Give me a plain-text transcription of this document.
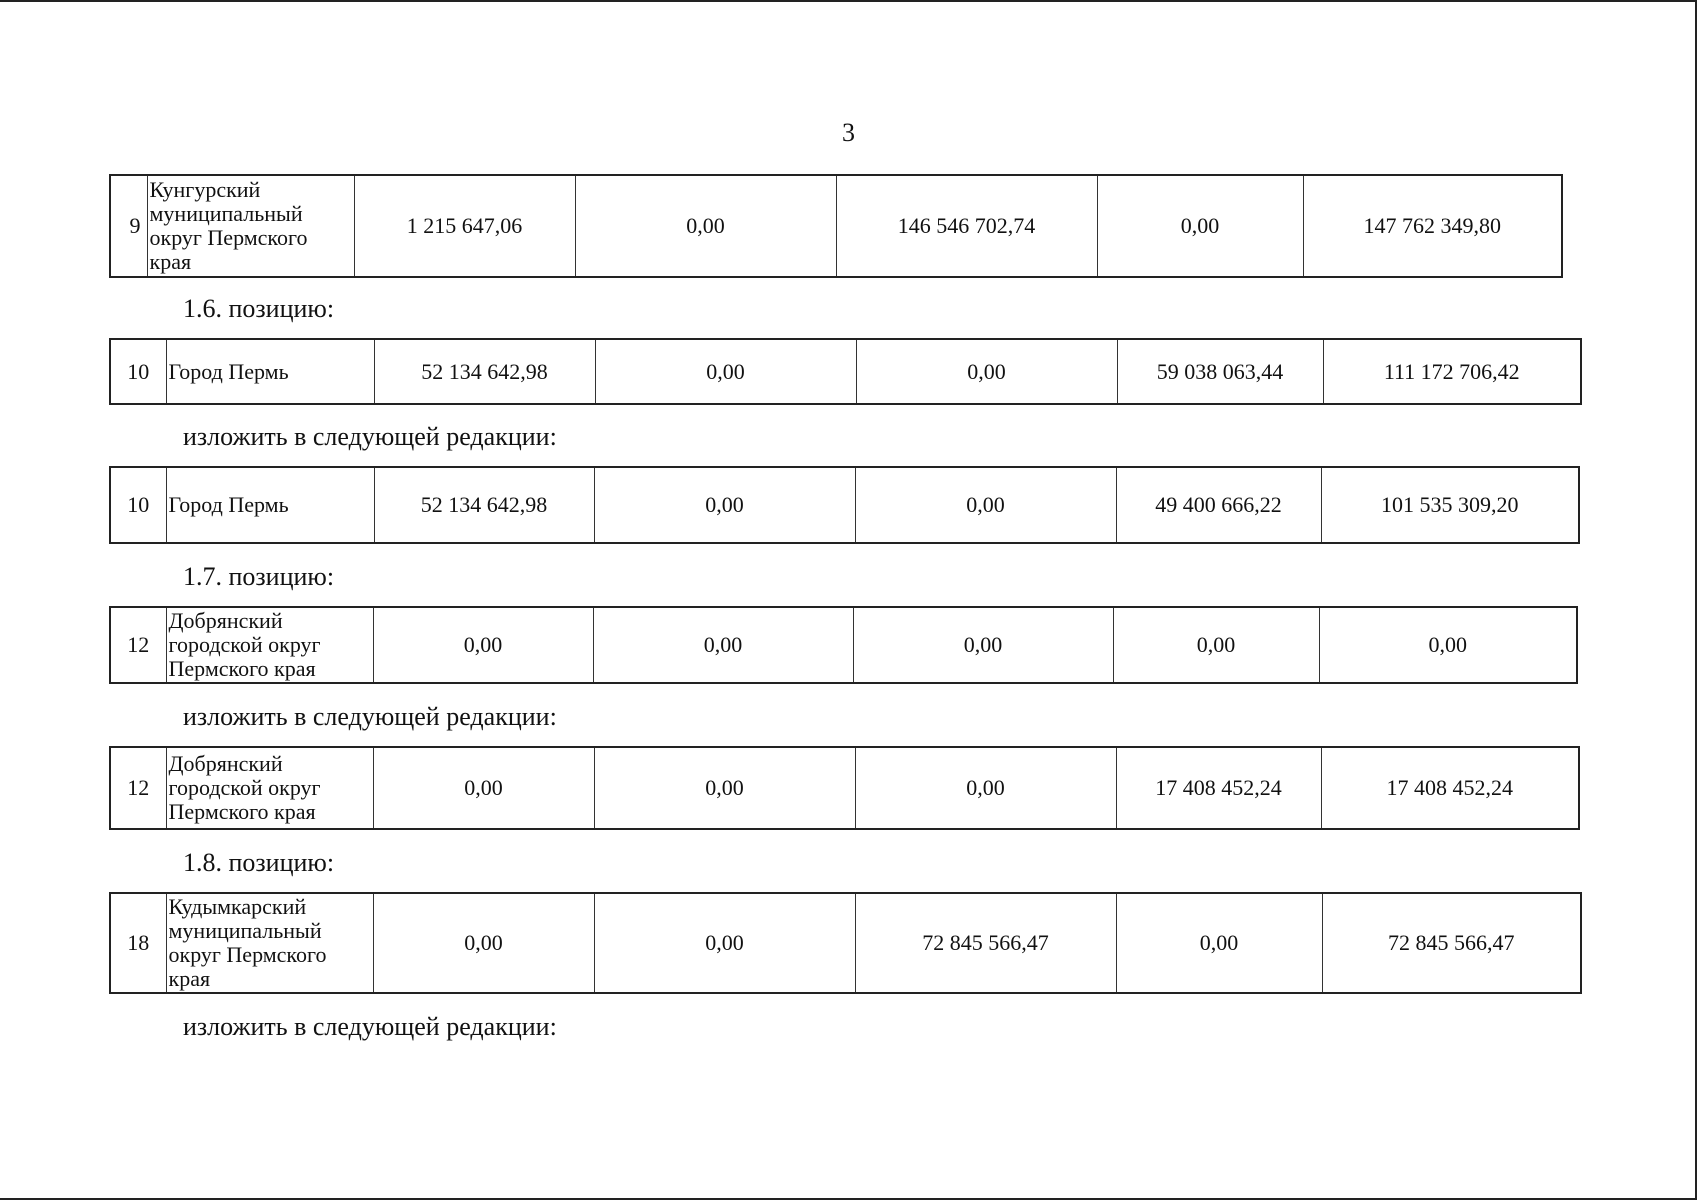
3
9	Кунгурский муниципальный округ Пермского края	1 215 647,06	0,00	146 546 702,74	0,00	147 762 349,80
1.6. позицию:
10	Город Пермь	52 134 642,98	0,00	0,00	59 038 063,44	111 172 706,42
изложить в следующей редакции:
10	Город Пермь	52 134 642,98	0,00	0,00	49 400 666,22	101 535 309,20
1.7. позицию:
12	Добрянский городской округ Пермского края	0,00	0,00	0,00	0,00	0,00
изложить в следующей редакции:
12	Добрянский городской округ Пермского края	0,00	0,00	0,00	17 408 452,24	17 408 452,24
1.8. позицию:
18	Кудымкарский муниципальный округ Пермского края	0,00	0,00	72 845 566,47	0,00	72 845 566,47
изложить в следующей редакции:
